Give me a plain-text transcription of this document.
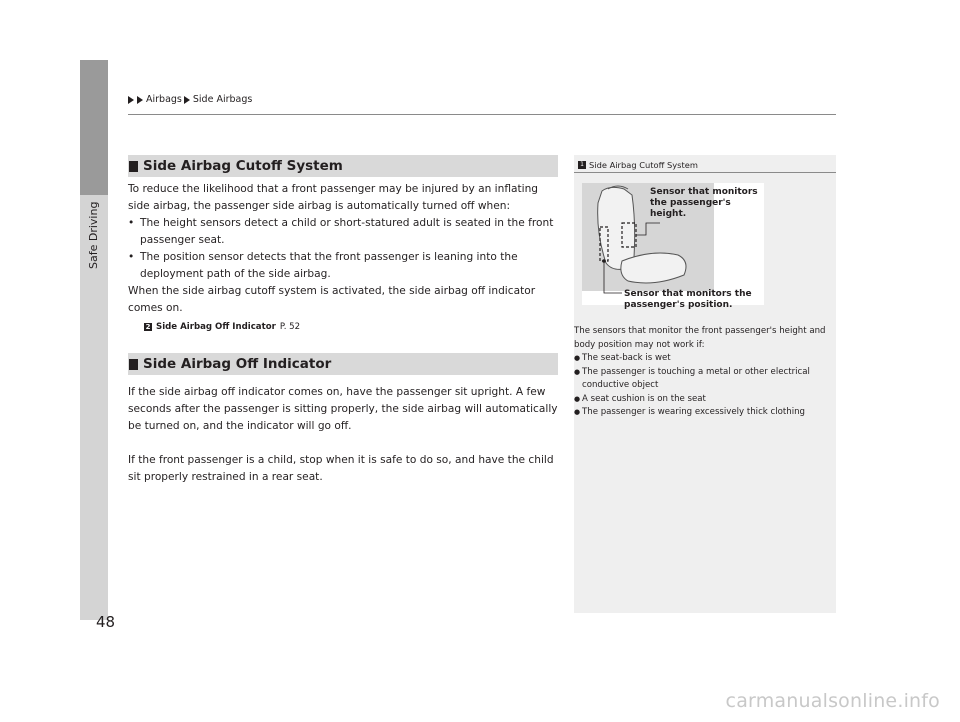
Safe Driving
Airbags Side Airbags
Side Airbag Cutoff System

To reduce the likelihood that a front passenger may be injured by an inflating side airbag, the passenger side airbag is automatically turned off when:

• The height sensors detect a child or short-statured adult is seated in the front passenger seat.
• The position sensor detects that the front passenger is leaning into the deployment path of the side airbag.

When the side airbag cutoff system is activated, the side airbag off indicator comes on.

2 Side Airbag Off Indicator P. 52
Side Airbag Off Indicator

If the side airbag off indicator comes on, have the passenger sit upright. A few seconds after the passenger is sitting properly, the side airbag will automatically be turned on, and the indicator will go off.

If the front passenger is a child, stop when it is safe to do so, and have the child sit properly restrained in a rear seat.

1 Side Airbag Cutoff System
Sensor that monitors the passenger's height.
Sensor that monitors the passenger's position.

The sensors that monitor the front passenger's height and body position may not work if:

● The seat-back is wet
● The passenger is touching a metal or other electrical conductive object
● A seat cushion is on the seat
● The passenger is wearing excessively thick clothing
48
carmanualsonline.info
